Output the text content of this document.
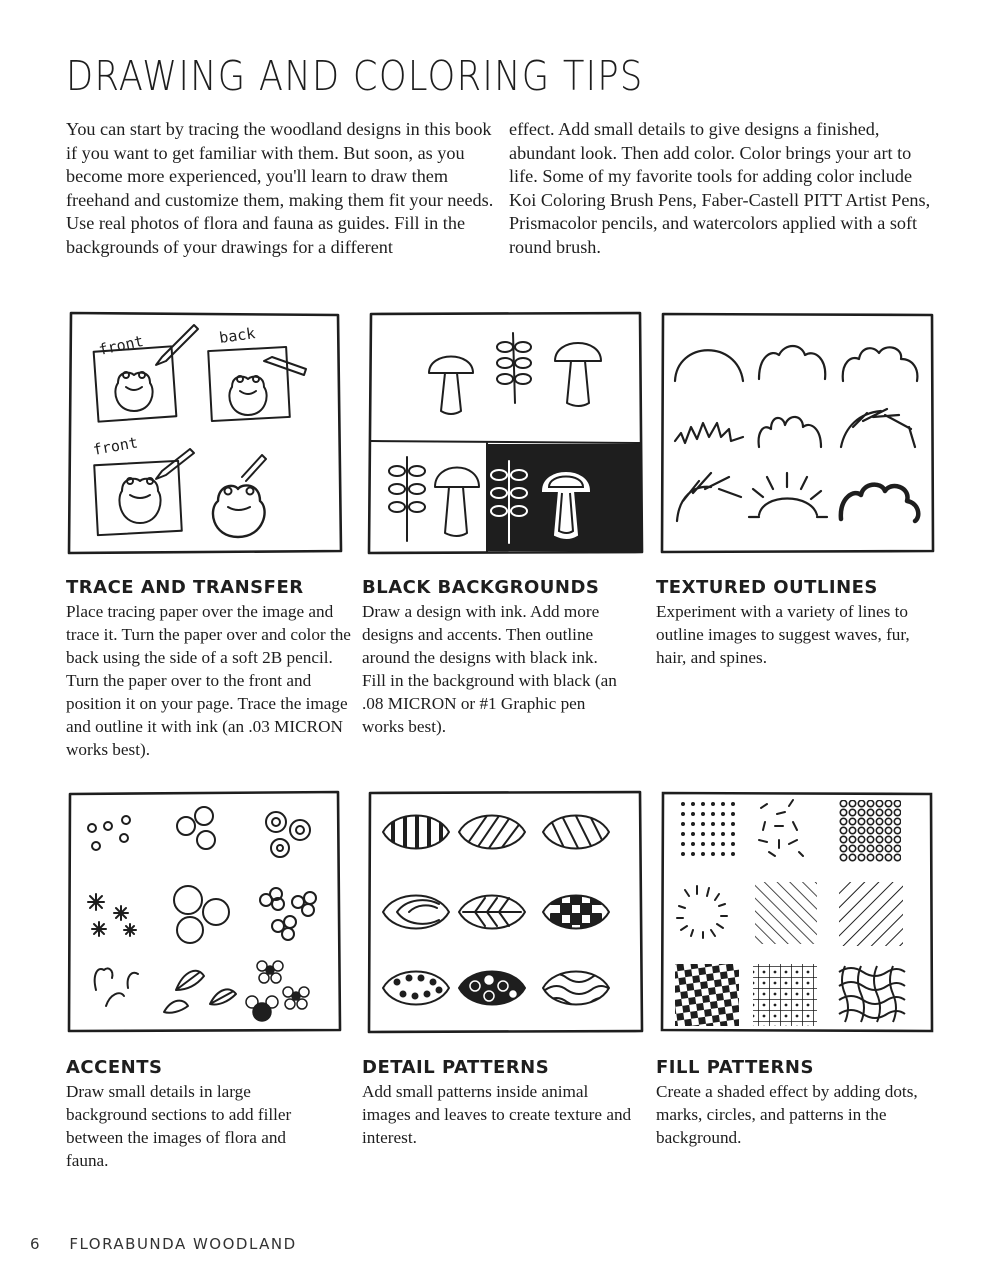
DRAWING AND COLORING TIPS

You can start by tracing the woodland designs in this book if you want to get familiar with them. But soon, as you become more experienced, you'll learn to draw them freehand and customize them, making them fit your needs. Use real photos of flora and fauna as guides. Fill in the backgrounds of your drawings for a different

effect. Add small details to give designs a finished, abundant look. Then add color. Color brings your art to life. Some of my favorite tools for adding color include Koi Coloring Brush Pens, Faber-Castell PITT Artist Pens, Prismacolor pencils, and watercolors applied with a soft round brush.

front	back
front
TRACE AND TRANSFER

Place tracing paper over the image and trace it. Turn the paper over and color the back using the side of a soft 2B pencil. Turn the paper over to the front and position it on your page. Trace the image and outline it with ink (an .03 MICRON works best).

BLACK BACKGROUNDS

Draw a design with ink. Add more designs and accents. Then outline around the designs with black ink. Fill in the background with black (an .08 MICRON or #1 Graphic pen works best).

TEXTURED OUTLINES

Experiment with a variety of lines to outline images to suggest waves, fur, hair, and spines.

ACCENTS

Draw small details in large background sections to add filler between the images of flora and fauna.

DETAIL PATTERNS

Add small patterns inside animal images and leaves to create texture and interest.

FILL PATTERNS

Create a shaded effect by adding dots, marks, circles, and patterns in the background.

6 FLORABUNDA WOODLAND
